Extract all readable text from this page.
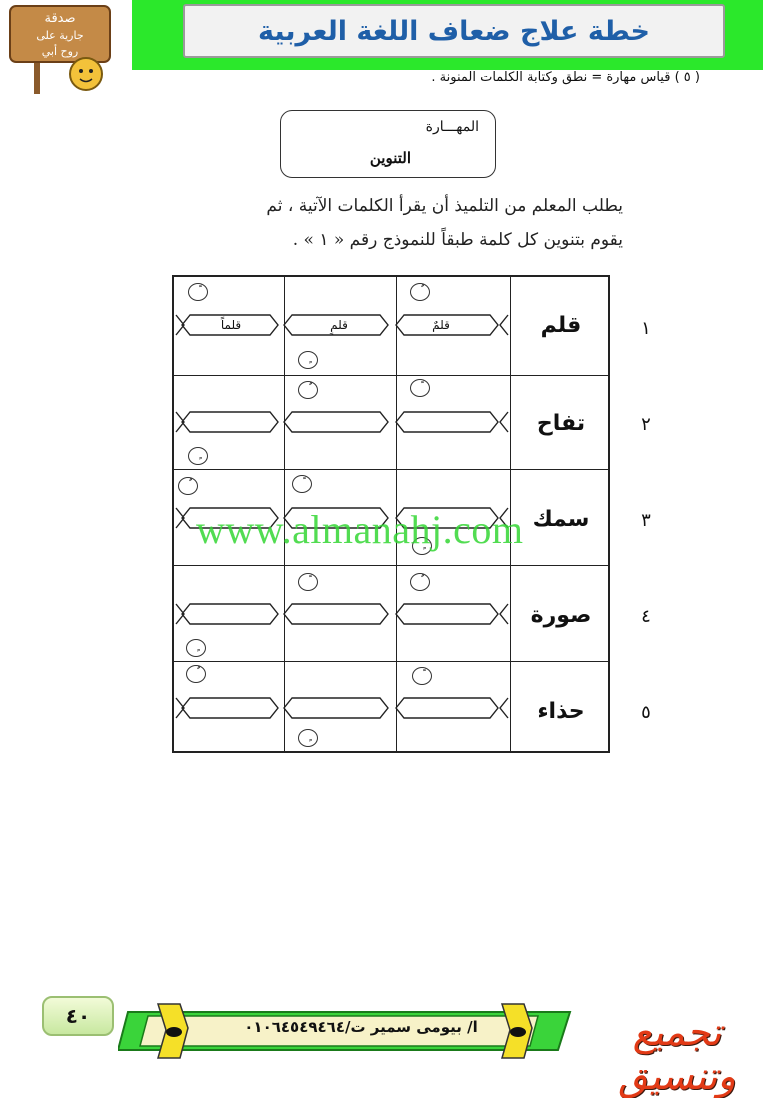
خطة علاج ضعاف اللغة العربية
صدقة
جارية على
روح أبي
( ٥ ) قياس مهارة = نطق وكتابة الكلمات المنونة .
المهـــارة
التنوين
يطلب المعلم من التلميذ أن يقرأ الكلمات الآتية ، ثم
يقوم بتنوين كل كلمة طبقاً للنموذج رقم « ١ » .
قلم
قلمٌ
قلمٍ
قلماً
تفاح
سمك
صورة
حذاء
١
٢
٣
٤
٥
www.almanahj.com
٤٠	ا/ بيومى سمير ت/٠١٠٦٤٥٤٩٤٦٤	تجميع وتنسيق
